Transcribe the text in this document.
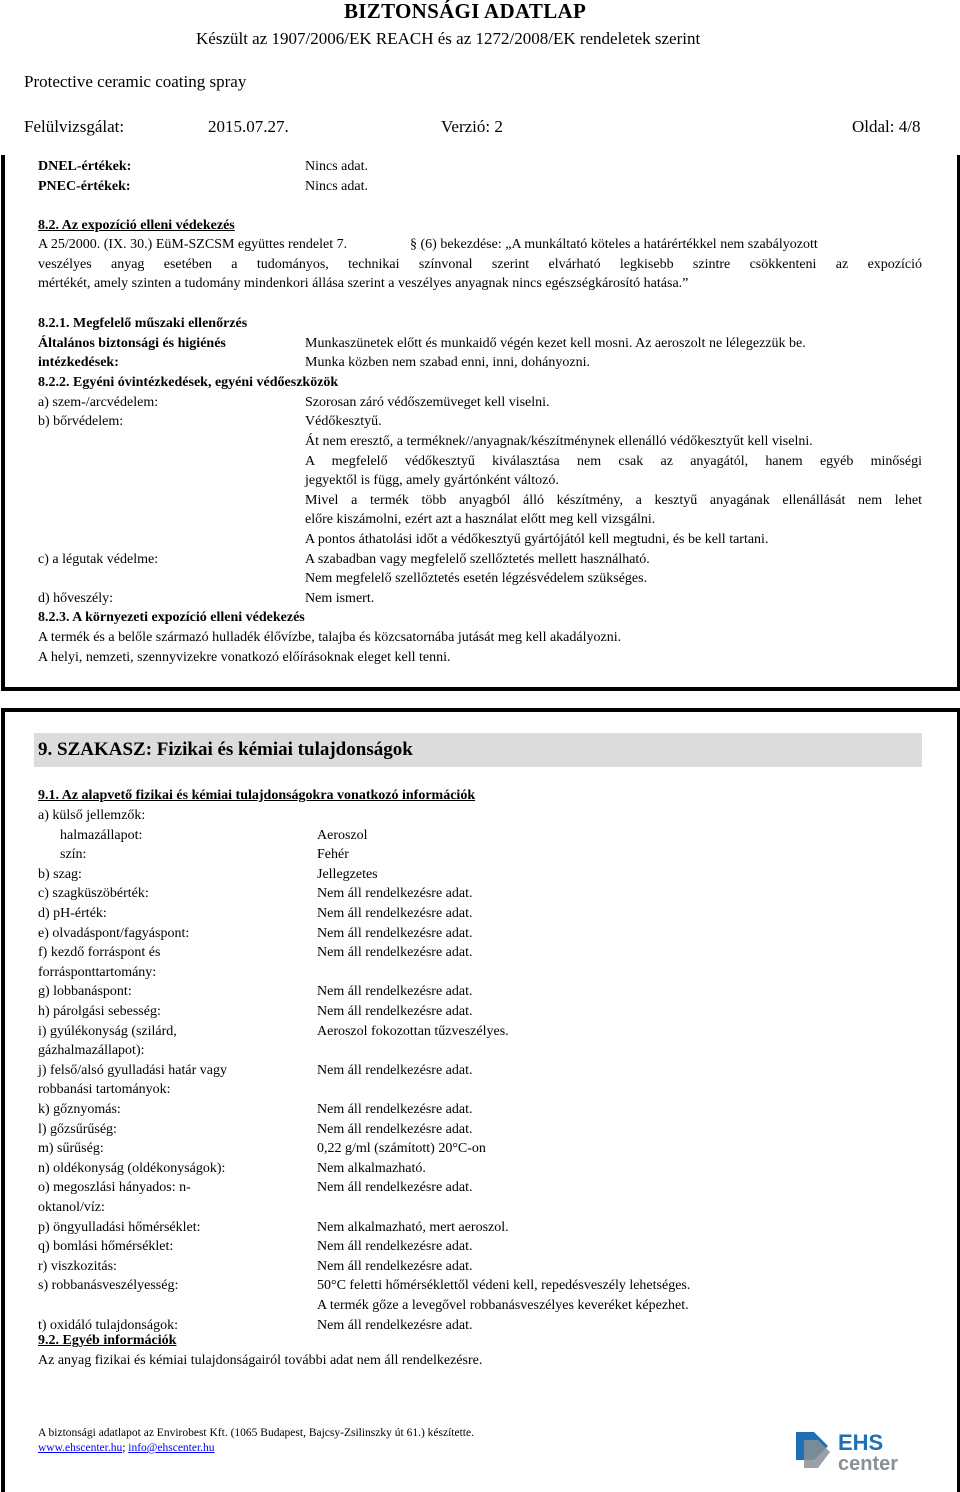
BIZTONSÁGI ADATLAP
Készült az 1907/2006/EK REACH és az 1272/2008/EK rendeletek szerint
Protective ceramic coating spray
Felülvizsgálat:	2015.07.27.	Verzió: 2	Oldal: 4/8
DNEL-értékek:	Nincs adat.
PNEC-értékek:	Nincs adat.
8.2. Az expozíció elleni védekezés
A 25/2000. (IX. 30.) EüM-SZCSM együttes rendelet 7.	§ (6) bekezdése: „A munkáltató köteles a határértékkel nem szabályozott
veszélyes anyag esetében a tudományos, technikai színvonal szerint elvárható legkisebb szintre csökkenteni az expozíció
mértékét, amely szinten a tudomány mindenkori állása szerint a veszélyes anyagnak nincs egészségkárosító hatása.”
8.2.1. Megfelelő műszaki ellenőrzés
Általános biztonsági és higiénés
intézkedések:
Munkaszünetek előtt és munkaidő végén kezet kell mosni. Az aeroszolt ne lélegezzük be.
Munka közben nem szabad enni, inni, dohányozni.
8.2.2. Egyéni óvintézkedések, egyéni védőeszközök
a) szem-/arcvédelem:	Szorosan záró védőszemüveget kell viselni.
b) bőrvédelem:	Védőkesztyű.
Át nem eresztő, a terméknek//anyagnak/készítménynek ellenálló védőkesztyűt kell viselni.
A megfelelő védőkesztyű kiválasztása nem csak az anyagától, hanem egyéb minőségi
jegyektől is függ, amely gyártónként változó.
Mivel a termék több anyagból álló készítmény, a kesztyű anyagának ellenállását nem lehet
előre kiszámolni, ezért azt a használat előtt meg kell vizsgálni.
A pontos áthatolási időt a védőkesztyű gyártójától kell megtudni, és be kell tartani.
c) a légutak védelme:	A szabadban vagy megfelelő szellőztetés mellett használható.
Nem megfelelő szellőztetés esetén légzésvédelem szükséges.
d) hőveszély:	Nem ismert.
8.2.3. A környezeti expozíció elleni védekezés
A termék és a belőle származó hulladék élővízbe, talajba és közcsatornába jutását meg kell akadályozni.
A helyi, nemzeti, szennyvizekre vonatkozó előírásoknak eleget kell tenni.
9. SZAKASZ: Fizikai és kémiai tulajdonságok
9.1. Az alapvető fizikai és kémiai tulajdonságokra vonatkozó információk
a) külső jellemzők:
halmazállapot:	Aeroszol
szín:	Fehér
b) szag:	Jellegzetes
c) szagküszöbérték:	Nem áll rendelkezésre adat.
d) pH-érték:	Nem áll rendelkezésre adat.
e) olvadáspont/fagyáspont:	Nem áll rendelkezésre adat.
f) kezdő forráspont és	Nem áll rendelkezésre adat.
forrásponttartomány:
g) lobbanáspont:	Nem áll rendelkezésre adat.
h) párolgási sebesség:	Nem áll rendelkezésre adat.
i) gyúlékonyság (szilárd,	Aeroszol fokozottan tűzveszélyes.
gázhalmazállapot):
j) felső/alsó gyulladási határ vagy	Nem áll rendelkezésre adat.
robbanási tartományok:
k) gőznyomás:	Nem áll rendelkezésre adat.
l) gőzsűrűség:	Nem áll rendelkezésre adat.
m) sűrűség:	0,22 g/ml (számított) 20°C-on
n) oldékonyság (oldékonyságok):	Nem alkalmazható.
o) megoszlási hányados: n-	Nem áll rendelkezésre adat.
oktanol/víz:
p) öngyulladási hőmérséklet:	Nem alkalmazható, mert aeroszol.
q) bomlási hőmérséklet:	Nem áll rendelkezésre adat.
r) viszkozitás:	Nem áll rendelkezésre adat.
s) robbanásveszélyesség:	50°C feletti hőmérséklettől védeni kell, repedésveszély lehetséges.
A termék gőze a levegővel robbanásveszélyes keveréket képezhet.
t) oxidáló tulajdonságok:	Nem áll rendelkezésre adat.
9.2. Egyéb információk
Az anyag fizikai és kémiai tulajdonságairól további adat nem áll rendelkezésre.
A biztonsági adatlapot az Envirobest Kft. (1065 Budapest, Bajcsy-Zsilinszky út 61.) készítette.
www.ehscenter.hu; info@ehscenter.hu	EHS
center
